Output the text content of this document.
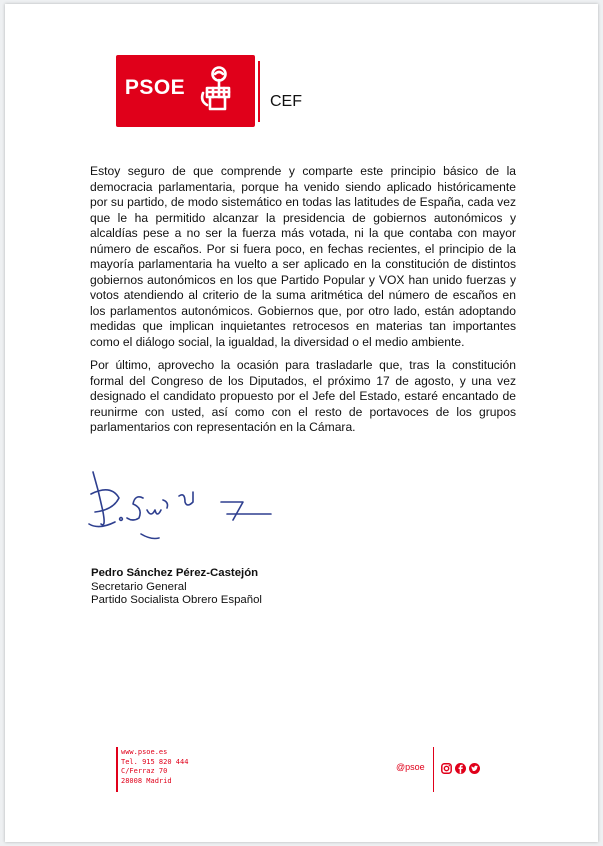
PSOE
CEF

Estoy seguro de que comprende y comparte este principio básico de la democracia parlamentaria, porque ha venido siendo aplicado históricamente por su partido, de modo sistemático en todas las latitudes de España, cada vez que le ha permitido alcanzar la presidencia de gobiernos autonómicos y alcaldías pese a no ser la fuerza más votada, ni la que contaba con mayor número de escaños. Por si fuera poco, en fechas recientes, el principio de la mayoría parlamentaria ha vuelto a ser aplicado en la constitución de distintos gobiernos autonómicos en los que Partido Popular y VOX han unido fuerzas y votos atendiendo al criterio de la suma aritmética del número de escaños en los parlamentos autonómicos. Gobiernos que, por otro lado, están adoptando medidas que implican inquietantes retrocesos en materias tan importantes como el diálogo social, la igualdad, la diversidad o el medio ambiente.

Por último, aprovecho la ocasión para trasladarle que, tras la constitución formal del Congreso de los Diputados, el próximo 17 de agosto, y una vez designado el candidato propuesto por el Jefe del Estado, estaré encantado de reunirme con usted, así como con el resto de portavoces de los grupos parlamentarios con representación en la Cámara.

Pedro Sánchez Pérez-Castejón
Secretario General
Partido Socialista Obrero Español
www.psoe.es
Tel. 915 820 444
C/Ferraz 70
28008 Madrid
@psoe
